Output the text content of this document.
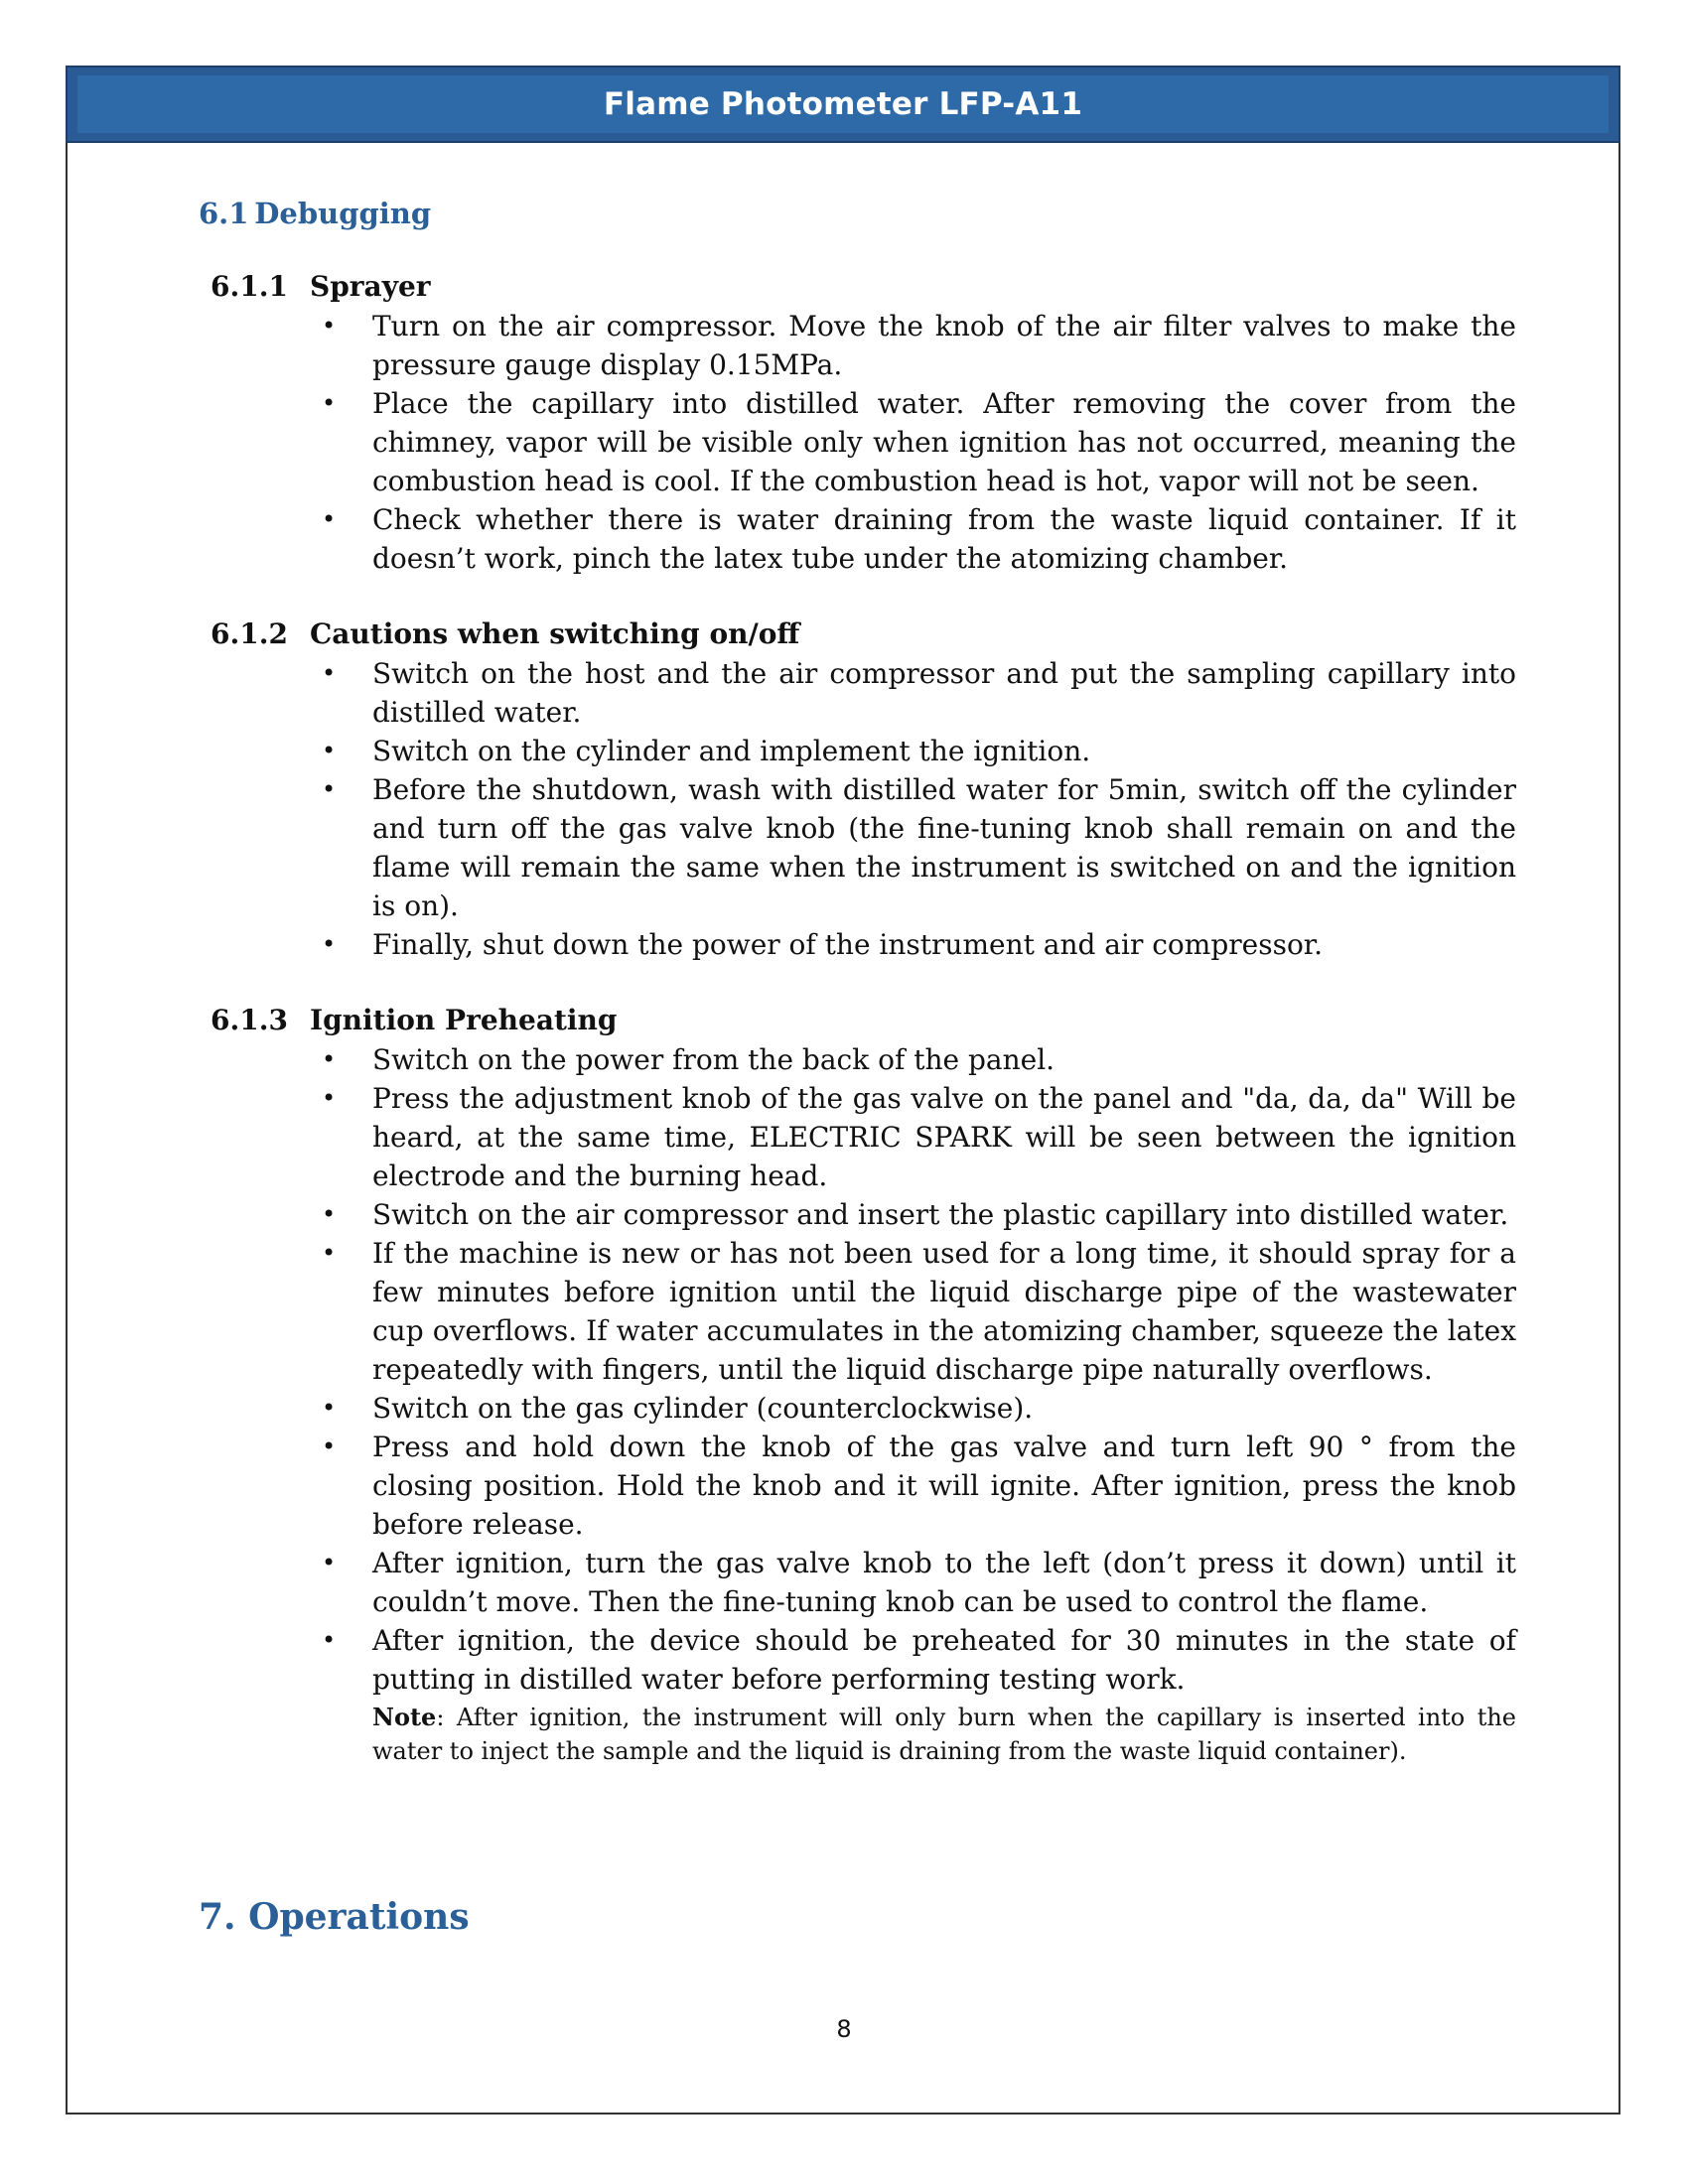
Flame Photometer LFP-A11
6.1 Debugging
6.1.1 Sprayer
• Turn on the air compressor. Move the knob of the air filter valves to make the pressure gauge display 0.15MPa.
• Place the capillary into distilled water. After removing the cover from the chimney, vapor will be visible only when ignition has not occurred, meaning the combustion head is cool. If the combustion head is hot, vapor will not be seen.
• Check whether there is water draining from the waste liquid container. If it doesn’t work, pinch the latex tube under the atomizing chamber.
6.1.2 Cautions when switching on/off
• Switch on the host and the air compressor and put the sampling capillary into distilled water.
• Switch on the cylinder and implement the ignition.
• Before the shutdown, wash with distilled water for 5min, switch off the cylinder and turn off the gas valve knob (the fine-tuning knob shall remain on and the flame will remain the same when the instrument is switched on and the ignition is on).
• Finally, shut down the power of the instrument and air compressor.
6.1.3 Ignition Preheating
• Switch on the power from the back of the panel.
• Press the adjustment knob of the gas valve on the panel and "da, da, da" Will be heard, at the same time, ELECTRIC SPARK will be seen between the ignition electrode and the burning head.
• Switch on the air compressor and insert the plastic capillary into distilled water.
• If the machine is new or has not been used for a long time, it should spray for a few minutes before ignition until the liquid discharge pipe of the wastewater cup overflows. If water accumulates in the atomizing chamber, squeeze the latex repeatedly with fingers, until the liquid discharge pipe naturally overflows.
• Switch on the gas cylinder (counterclockwise).
• Press and hold down the knob of the gas valve and turn left 90 ° from the closing position. Hold the knob and it will ignite. After ignition, press the knob before release.
• After ignition, turn the gas valve knob to the left (don’t press it down) until it couldn’t move. Then the fine-tuning knob can be used to control the flame.
• After ignition, the device should be preheated for 30 minutes in the state of putting in distilled water before performing testing work.
Note: After ignition, the instrument will only burn when the capillary is inserted into the water to inject the sample and the liquid is draining from the waste liquid container).
7. Operations
8
